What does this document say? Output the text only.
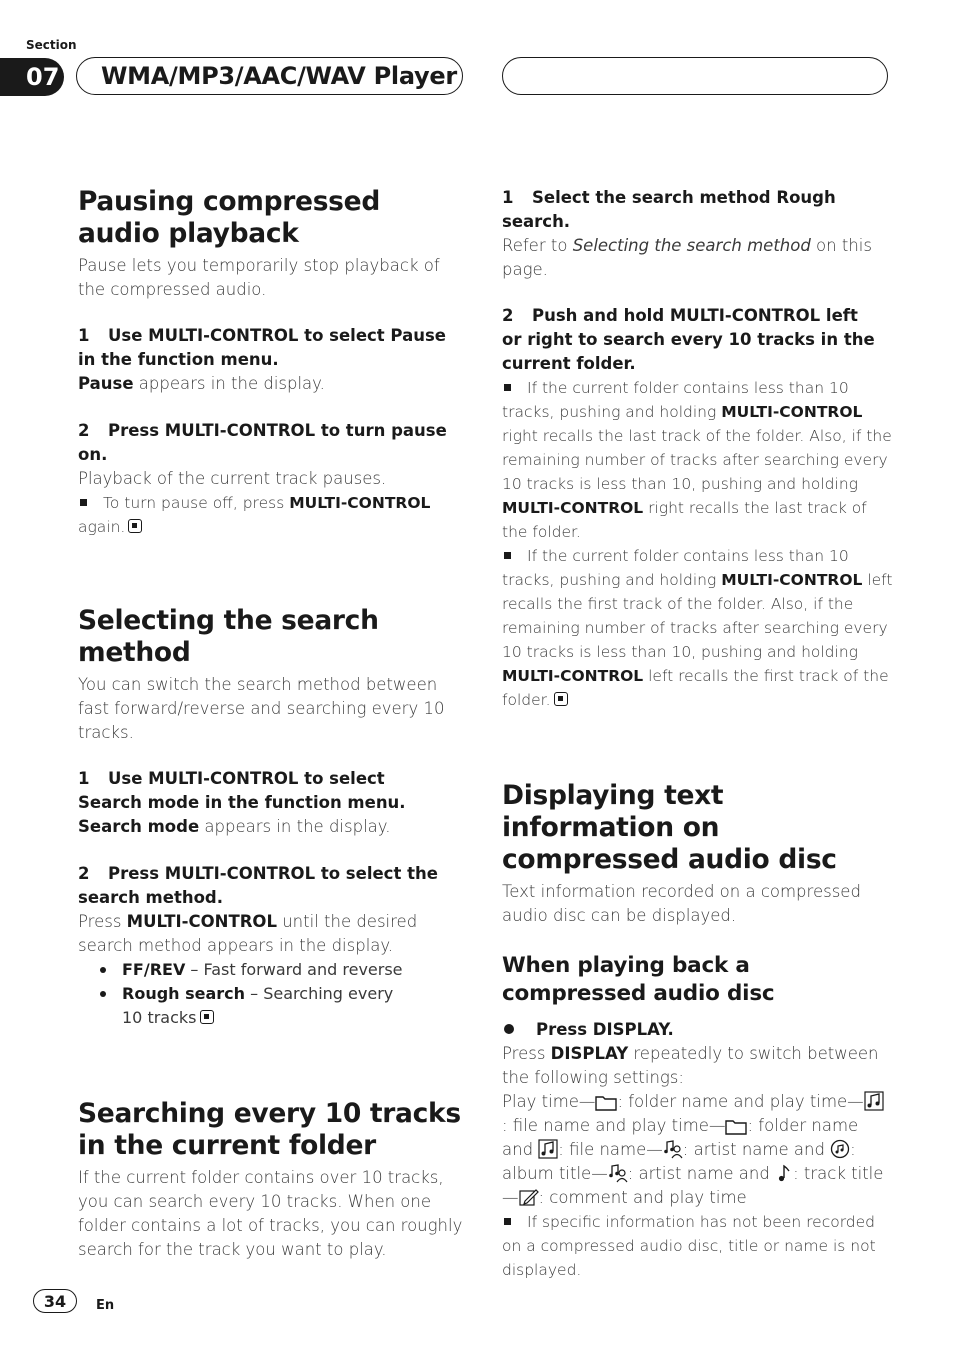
Section
07	WMA/MP3/AAC/WAV Player
Pausing compressed audio playback

Pause lets you temporarily stop playback of the compressed audio.

1 Use MULTI-CONTROL to select Pause in the function menu.

Pause appears in the display.

2 Press MULTI-CONTROL to turn pause on.

Playback of the current track pauses.

To turn pause off, press MULTI-CONTROL
again.

Selecting the search method

You can switch the search method between fast forward/reverse and searching every 10 tracks.

1 Use MULTI-CONTROL to select Search mode in the function menu.

Search mode appears in the display.

2 Press MULTI-CONTROL to select the search method.

Press MULTI-CONTROL until the desired search method appears in the display.

FF/REV – Fast forward and reverse
Rough search – Searching every 10 tracks
Searching every 10 tracks in the current folder

If the current folder contains over 10 tracks, you can search every 10 tracks. When one folder contains a lot of tracks, you can roughly search for the track you want to play.

1 Select the search method Rough search.

Refer to Selecting the search method on this page.

2 Push and hold MULTI-CONTROL left or right to search every 10 tracks in the current folder.

If the current folder contains less than 10 tracks, pushing and holding MULTI-CONTROL right recalls the last track of the folder. Also, if the remaining number of tracks after searching every 10 tracks is less than 10, pushing and holding MULTI-CONTROL right recalls the last track of the folder.

If the current folder contains less than 10 tracks, pushing and holding MULTI-CONTROL left recalls the first track of the folder. Also, if the remaining number of tracks after searching every 10 tracks is less than 10, pushing and holding MULTI-CONTROL left recalls the first track of the folder.

Displaying text information on compressed audio disc

Text information recorded on a compressed audio disc can be displayed.

When playing back a compressed audio disc
Press DISPLAY.

Press DISPLAY repeatedly to switch between the following settings:

Play time— : folder name and play time— : file name and play time— : folder name and : file name— : artist name and : album title— : artist name and : track title— : comment and play time

If specific information has not been recorded on a compressed audio disc, title or name is not displayed.

34	En
